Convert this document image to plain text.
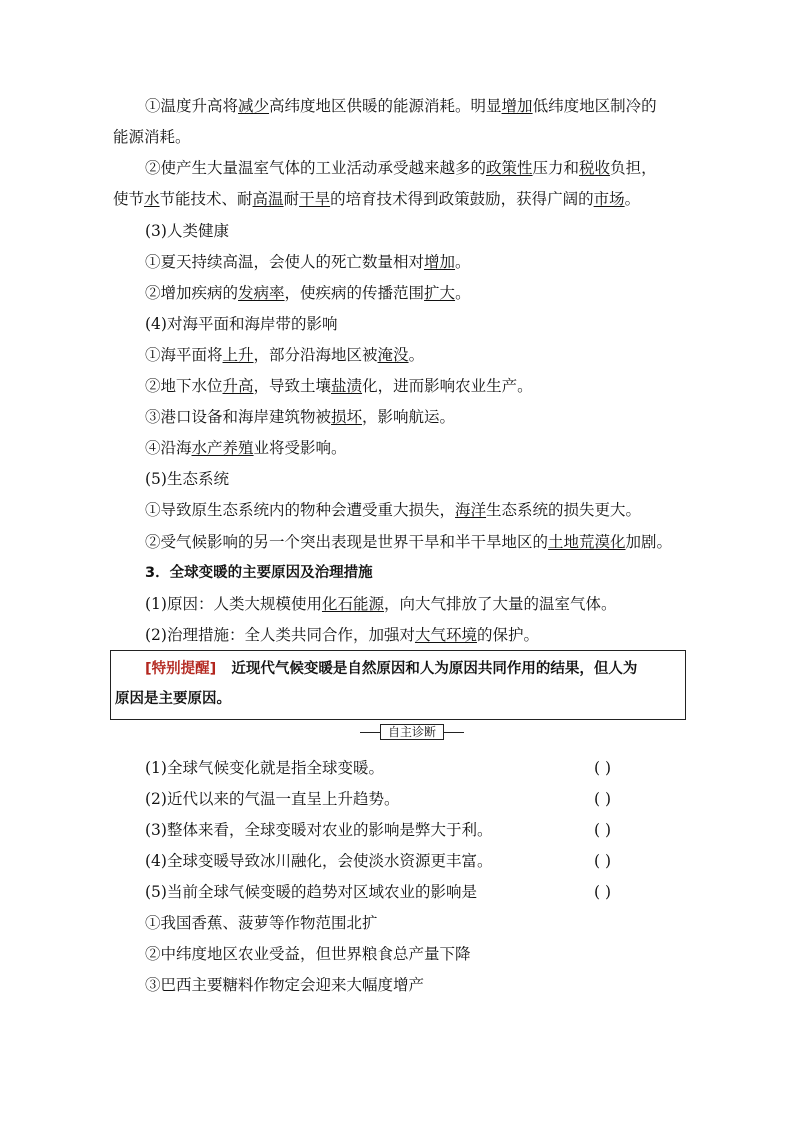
①温度升高将减少高纬度地区供暖的能源消耗。明显增加低纬度地区制冷的
能源消耗。
②使产生大量温室气体的工业活动承受越来越多的政策性压力和税收负担，
使节水节能技术、耐高温耐干旱的培育技术得到政策鼓励，获得广阔的市场。
(3)人类健康
①夏天持续高温，会使人的死亡数量相对增加。
②增加疾病的发病率，使疾病的传播范围扩大。
(4)对海平面和海岸带的影响
①海平面将上升，部分沿海地区被淹没。
②地下水位升高，导致土壤盐渍化，进而影响农业生产。
③港口设备和海岸建筑物被损坏，影响航运。
④沿海水产养殖业将受影响。
(5)生态系统
①导致原生态系统内的物种会遭受重大损失，海洋生态系统的损失更大。
②受气候影响的另一个突出表现是世界干旱和半干旱地区的土地荒漠化加剧。
3．全球变暖的主要原因及治理措施
(1)原因：人类大规模使用化石能源，向大气排放了大量的温室气体。
(2)治理措施：全人类共同合作，加强对大气环境的保护。
[特别提醒] 近现代气候变暖是自然原因和人为原因共同作用的结果，但人为
原因是主要原因。
自主诊断
(1)全球气候变化就是指全球变暖。	( )
(2)近代以来的气温一直呈上升趋势。	( )
(3)整体来看，全球变暖对农业的影响是弊大于利。	( )
(4)全球变暖导致冰川融化，会使淡水资源更丰富。	( )
(5)当前全球气候变暖的趋势对区域农业的影响是	( )
①我国香蕉、菠萝等作物范围北扩
②中纬度地区农业受益，但世界粮食总产量下降
③巴西主要糖料作物定会迎来大幅度增产
